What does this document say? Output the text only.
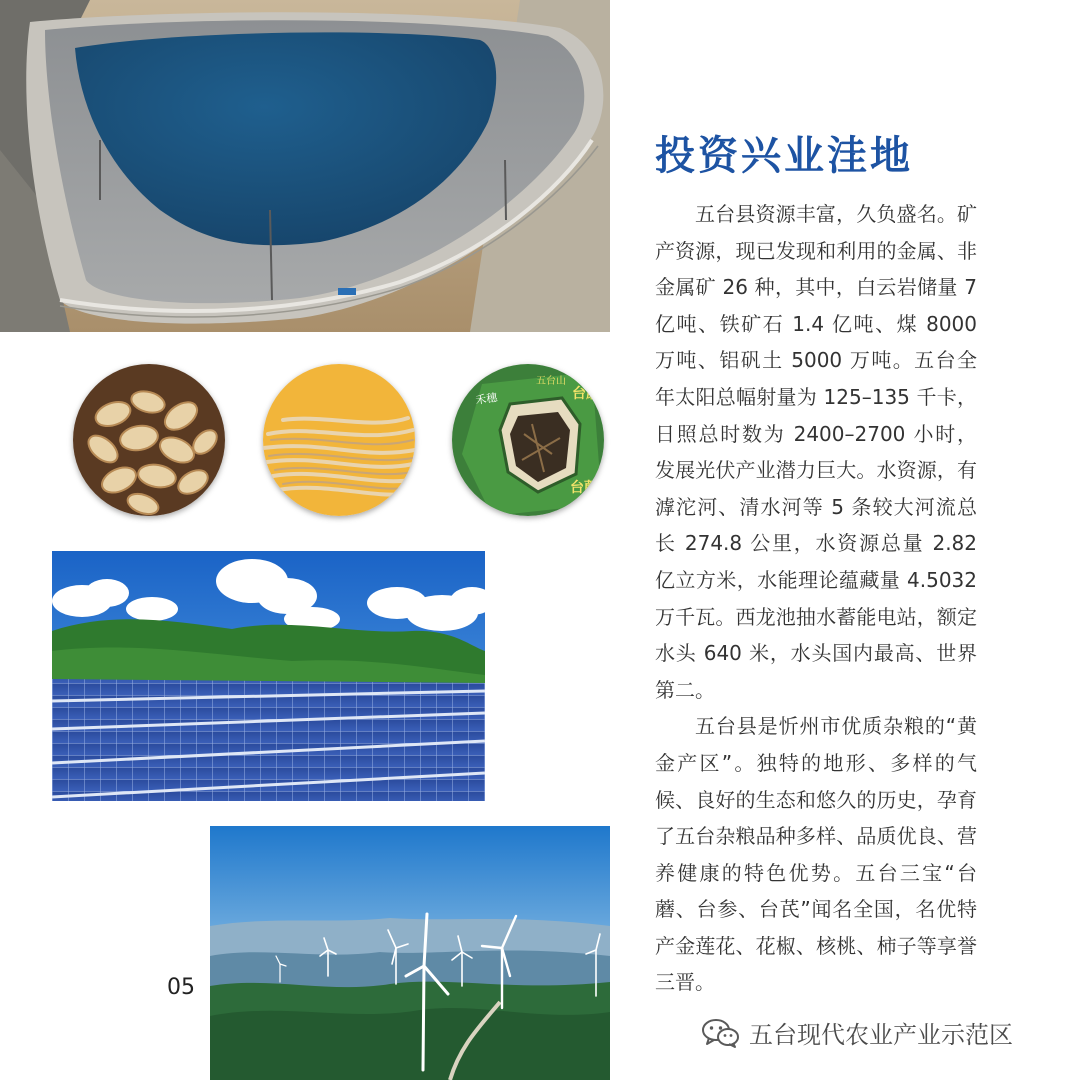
禾穗
五台山
台蘑
台蘑
投资兴业洼地

五台县资源丰富，久负盛名。矿产资源，现已发现和利用的金属、非金属矿 26 种，其中，白云岩储量 7 亿吨、铁矿石 1.4 亿吨、煤 8000 万吨、铝矾土 5000 万吨。五台全年太阳总幅射量为 125–135 千卡，日照总时数为 2400–2700 小时，发展光伏产业潜力巨大。水资源，有滹沱河、清水河等 5 条较大河流总长 274.8 公里，水资源总量 2.82 亿立方米，水能理论蕴藏量 4.5032 万千瓦。西龙池抽水蓄能电站，额定水头 640 米，水头国内最高、世界第二。

五台县是忻州市优质杂粮的“黄金产区”。独特的地形、多样的气候、良好的生态和悠久的历史，孕育了五台杂粮品种多样、品质优良、营养健康的特色优势。五台三宝“台蘑、台参、台芪”闻名全国，名优特产金莲花、花椒、核桃、柿子等享誉三晋。

05
五台现代农业产业示范区
